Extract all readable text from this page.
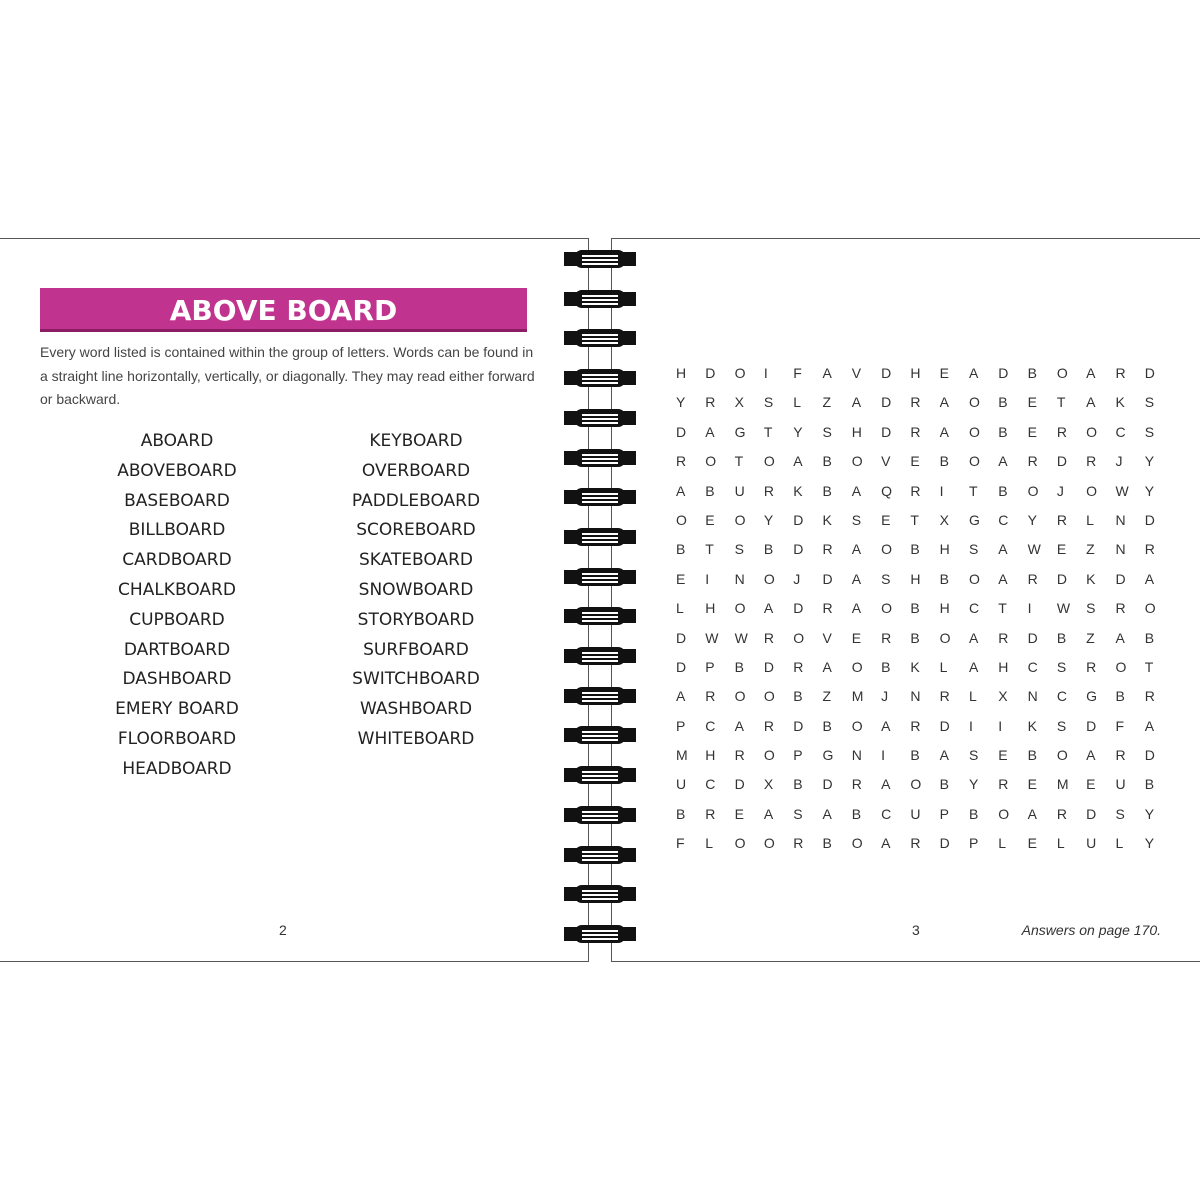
ABOVE BOARD
Every word listed is contained within the group of letters. Words can be found in a straight line horizontally, vertically, or diagonally. They may read either forward or backward.
ABOARD
ABOVEBOARD
BASEBOARD
BILLBOARD
CARDBOARD
CHALKBOARD
CUPBOARD
DARTBOARD
DASHBOARD
EMERY BOARD
FLOORBOARD
HEADBOARD
KEYBOARD
OVERBOARD
PADDLEBOARD
SCOREBOARD
SKATEBOARD
SNOWBOARD
STORYBOARD
SURFBOARD
SWITCHBOARD
WASHBOARD
WHITEBOARD
2
H	D	O	I	F	A	V	D	H	E	A	D	B	O	A	R	D
Y	R	X	S	L	Z	A	D	R	A	O	B	E	T	A	K	S
D	A	G	T	Y	S	H	D	R	A	O	B	E	R	O	C	S
R	O	T	O	A	B	O	V	E	B	O	A	R	D	R	J	Y
A	B	U	R	K	B	A	Q	R	I	T	B	O	J	O	W	Y
O	E	O	Y	D	K	S	E	T	X	G	C	Y	R	L	N	D
B	T	S	B	D	R	A	O	B	H	S	A	W	E	Z	N	R
E	I	N	O	J	D	A	S	H	B	O	A	R	D	K	D	A
L	H	O	A	D	R	A	O	B	H	C	T	I	W	S	R	O
D	W	W	R	O	V	E	R	B	O	A	R	D	B	Z	A	B
D	P	B	D	R	A	O	B	K	L	A	H	C	S	R	O	T
A	R	O	O	B	Z	M	J	N	R	L	X	N	C	G	B	R
P	C	A	R	D	B	O	A	R	D	I	I	K	S	D	F	A
M	H	R	O	P	G	N	I	B	A	S	E	B	O	A	R	D
U	C	D	X	B	D	R	A	O	B	Y	R	E	M	E	U	B
B	R	E	A	S	A	B	C	U	P	B	O	A	R	D	S	Y
F	L	O	O	R	B	O	A	R	D	P	L	E	L	U	L	Y
3	Answers on page 170.
